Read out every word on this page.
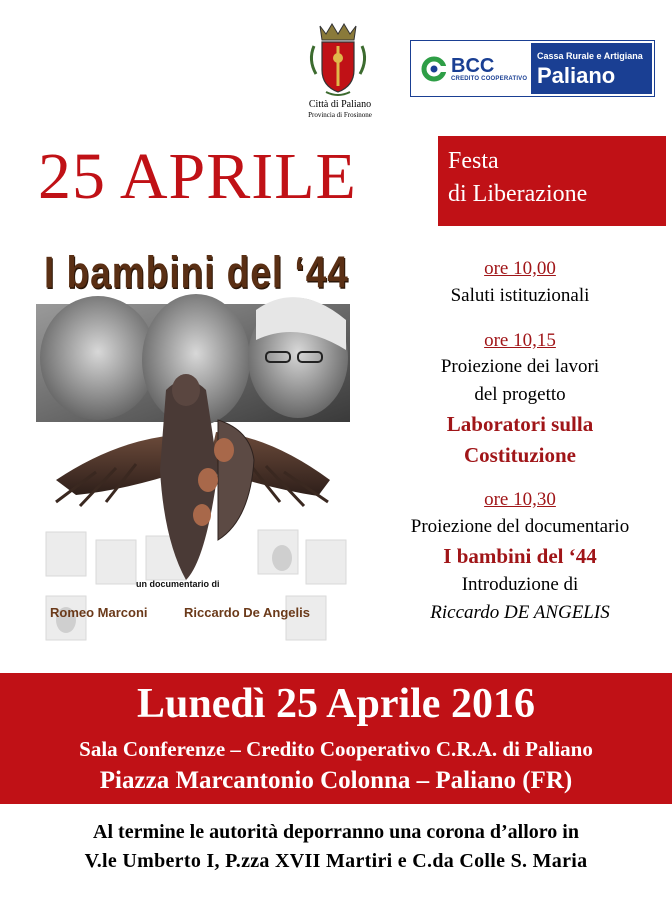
Città di Paliano
Provincia di Frosinone
BCC
CREDITO COOPERATIVO
Cassa Rurale e Artigiana
Paliano
25 APRILE	Festa
di Liberazione
I bambini del ‘44
un documentario di
Romeo Marconi	Riccardo De Angelis
ore 10,00
Saluti istituzionali
ore 10,15
Proiezione dei lavori
del progetto
Laboratori sulla
Costituzione
ore 10,30
Proiezione del documentario
I bambini del ‘44
Introduzione di
Riccardo DE ANGELIS
Lunedì 25 Aprile 2016
Sala Conferenze – Credito Cooperativo C.R.A. di Paliano
Piazza Marcantonio Colonna – Paliano (FR)
Al termine le autorità deporranno una corona d’alloro in
V.le Umberto I, P.zza XVII Martiri e C.da Colle S. Maria
